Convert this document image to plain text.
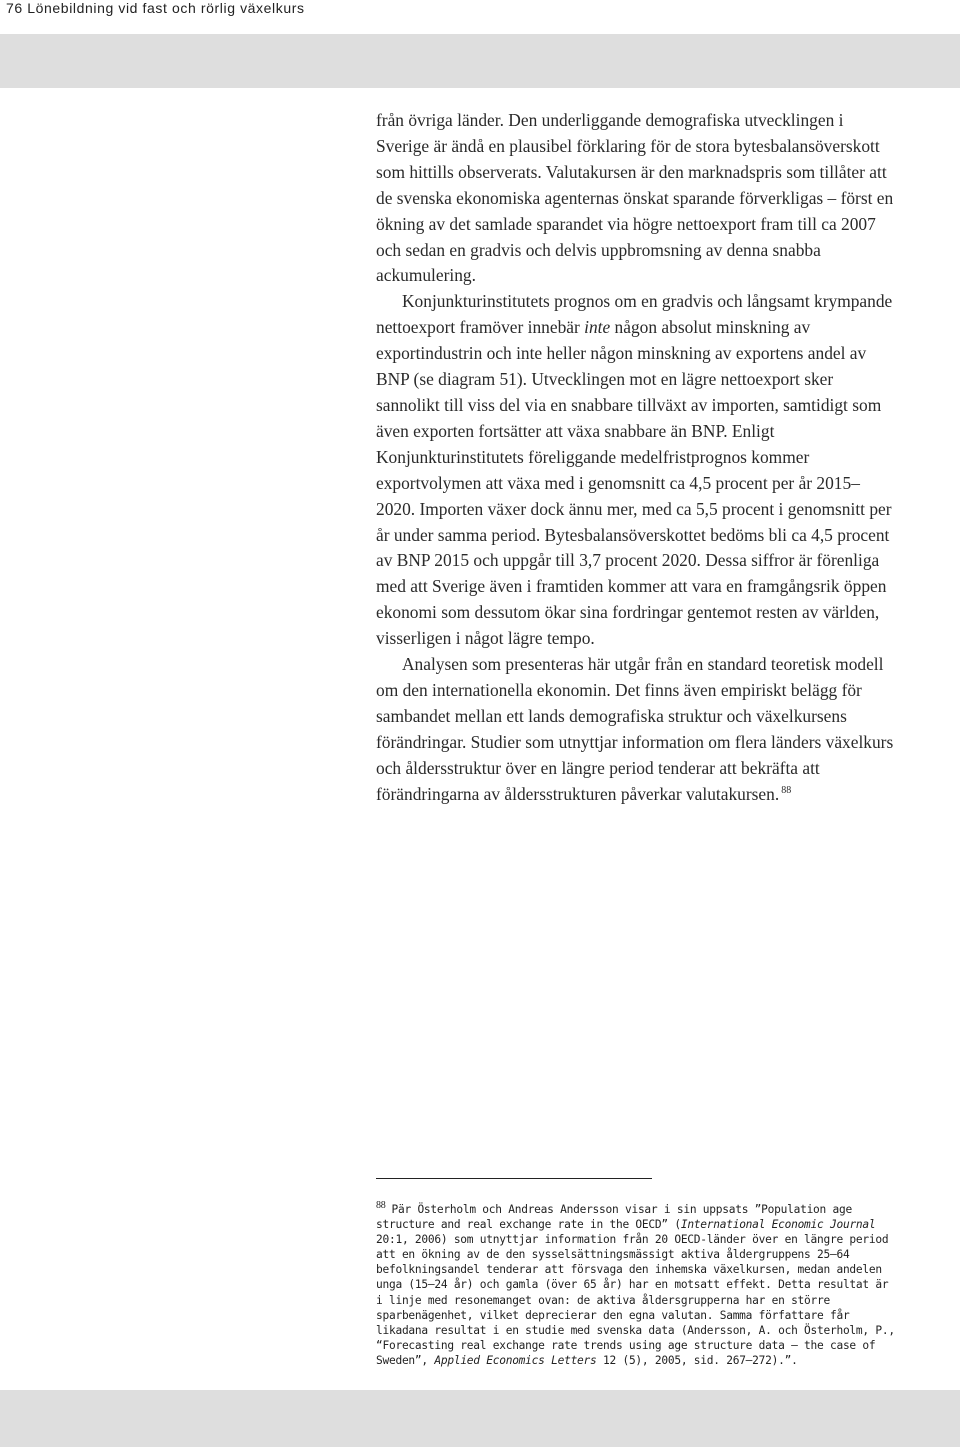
76 Lönebildning vid fast och rörlig växelkurs

från övriga länder. Den underliggande demografiska utvecklingen i Sverige är ändå en plausibel förklaring för de stora bytesbalansöverskott som hittills observerats. Valutakursen är den marknadspris som tillåter att de svenska ekonomiska agenternas önskat sparande förverkligas – först en ökning av det samlade sparandet via högre nettoexport fram till ca 2007 och sedan en gradvis och delvis uppbromsning av denna snabba ackumulering.

Konjunkturinstitutets prognos om en gradvis och långsamt krympande nettoexport framöver innebär inte någon absolut minskning av exportindustrin och inte heller någon minskning av exportens andel av BNP (se diagram 51). Utvecklingen mot en lägre nettoexport sker sannolikt till viss del via en snabbare tillväxt av importen, samtidigt som även exporten fortsätter att växa snabbare än BNP. Enligt Konjunkturinstitutets föreliggande medelfristprognos kommer exportvolymen att växa med i genomsnitt ca 4,5 procent per år 2015–2020. Importen växer dock ännu mer, med ca 5,5 procent i genomsnitt per år under samma period. Bytesbalansöverskottet bedöms bli ca 4,5 procent av BNP 2015 och uppgår till 3,7 procent 2020. Dessa siffror är förenliga med att Sverige även i framtiden kommer att vara en framgångsrik öppen ekonomi som dessutom ökar sina fordringar gentemot resten av världen, visserligen i något lägre tempo.

Analysen som presenteras här utgår från en standard teoretisk modell om den internationella ekonomin. Det finns även empiriskt belägg för sambandet mellan ett lands demografiska struktur och växelkursens förändringar. Studier som utnyttjar information om flera länders växelkurs och åldersstruktur över en längre period tenderar att bekräfta att förändringarna av åldersstrukturen påverkar valutakursen. $^{88}$

88 Pär Österholm och Andreas Andersson visar i sin uppsats ”Population age structure and real exchange rate in the OECD” (International Economic Journal 20:1, 2006) som utnyttjar information från 20 OECD-länder över en längre period att en ökning av de den sysselsättningsmässigt aktiva åldergruppens 25–64 befolkningsandel tenderar att försvaga den inhemska växelkursen, medan andelen unga (15–24 år) och gamla (över 65 år) har en motsatt effekt. Detta resultat är i linje med resonemanget ovan: de aktiva åldersgrupperna har en större sparbenägenhet, vilket deprecierar den egna valutan. Samma författare får likadana resultat i en studie med svenska data (Andersson, A. och Österholm, P., “Forecasting real exchange rate trends using age structure data – the case of Sweden”, Applied Economics Letters 12 (5), 2005, sid. 267–272).”.
